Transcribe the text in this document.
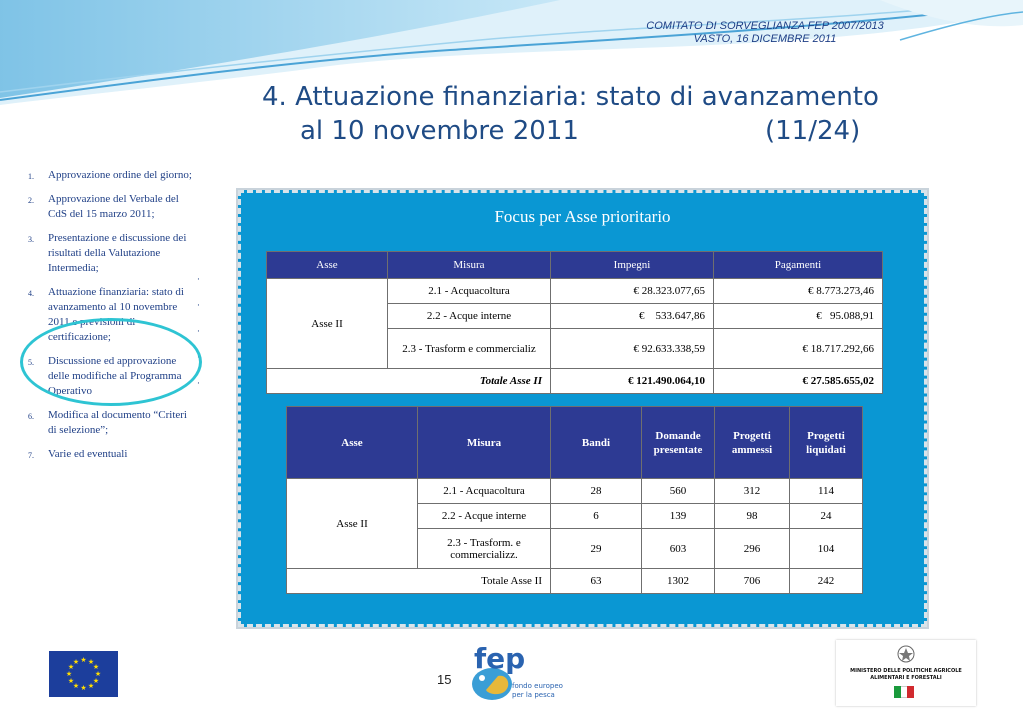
COMITATO DI SORVEGLIANZA FEP 2007/2013
VASTO, 16 DICEMBRE 2011
4. Attuazione finanziaria: stato di avanzamento
al 10 novembre 2011	(11/24)
1. Approvazione ordine del giorno;
2. Approvazione del Verbale del CdS del 15 marzo 2011;
3. Presentazione e discussione dei risultati della Valutazione Intermedia;
4. Attuazione finanziaria: stato di avanzamento al 10 novembre 2011 e previsioni di certificazione;
5. Discussione ed approvazione delle modifiche al Programma Operativo
6. Modifica al documento “Criteri di selezione”;
7. Varie ed eventuali
·
·
·
·
·
Focus per Asse prioritario
Asse	Misura	Impegni	Pagamenti
Asse II	2.1 - Acquacoltura	€ 28.323.077,65	€ 8.773.273,46
	2.2 - Acque interne	€    533.647,86	€   95.088,91
	2.3 - Trasform e commercializ	€ 92.633.338,59	€ 18.717.292,66
Totale Asse II		€ 121.490.064,10	€ 27.585.655,02
Asse	Misura	Bandi	Domande presentate	Progetti ammessi	Progetti liquidati
Asse II	2.1 - Acquacoltura	28	560	312	114
	2.2 - Acque interne	6	139	98	24
	2.3 - Trasform. e commercializz.	29	603	296	104
Totale Asse II		63	1302	706	242
★ ★
★
★
★
★
★
★
★
★
★
★
15
fep
fondo europeo
per la pesca
MINISTERO DELLE POLITICHE AGRICOLE ALIMENTARI E FORESTALI
